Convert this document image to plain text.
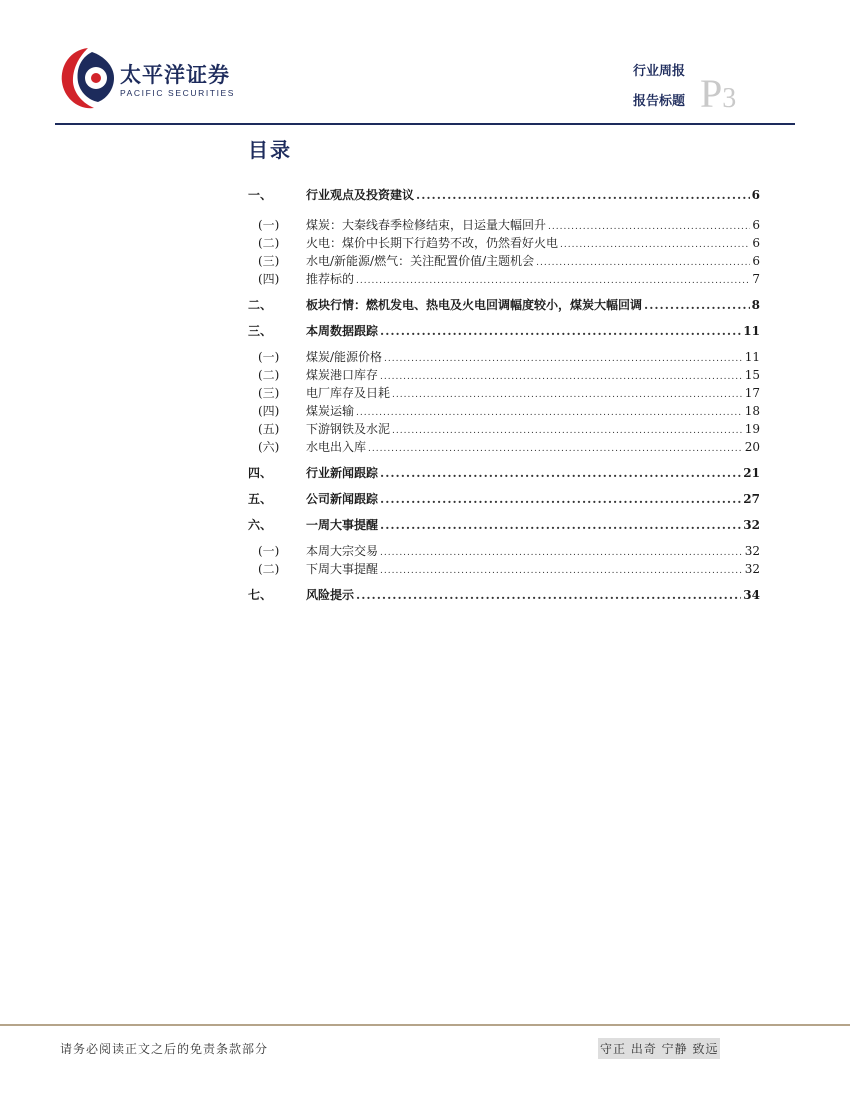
太平洋证券
PACIFIC SECURITIES
行业周报
报告标题 P3
目录
一、	行业观点及投资建议 .....	6
(一)	煤炭：大秦线春季检修结束，日运量大幅回升 .....	6
(二)	火电：煤价中长期下行趋势不改，仍然看好火电 .....	6
(三)	水电/新能源/燃气：关注配置价值/主题机会 .....	6
(四)	推荐标的 .....	7
二、	板块行情：燃机发电、热电及火电回调幅度较小，煤炭大幅回调 .....	8
三、	本周数据跟踪 .....	11
(一)	煤炭/能源价格 .....	11
(二)	煤炭港口库存 .....	15
(三)	电厂库存及日耗 .....	17
(四)	煤炭运输 .....	18
(五)	下游钢铁及水泥 .....	19
(六)	水电出入库 .....	20
四、	行业新闻跟踪 .....	21
五、	公司新闻跟踪 .....	27
六、	一周大事提醒 .....	32
(一)	本周大宗交易 .....	32
(二)	下周大事提醒 .....	32
七、	风险提示 .....	34
请务必阅读正文之后的免责条款部分	守正 出奇 宁静 致远
